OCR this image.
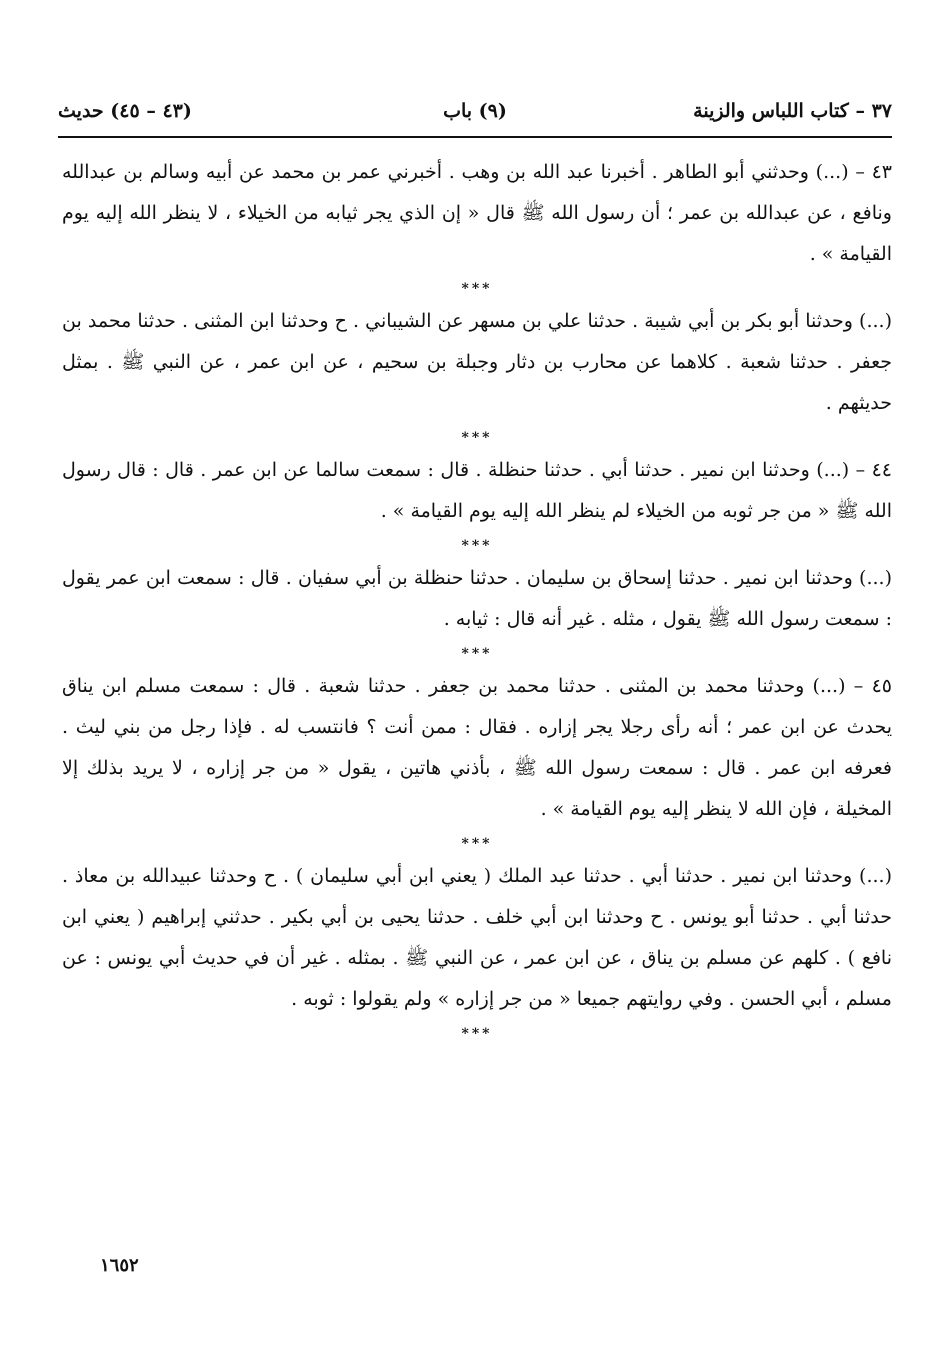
٣٧ – كتاب اللباس والزينة
(٩) باب
(٤٣ – ٤٥) حديث

٤٣ – (...) وحدثني أبو الطاهر . أخبرنا عبد الله بن وهب . أخبرني عمر بن محمد عن أبيه وسالم بن عبدالله ونافع ، عن عبدالله بن عمر ؛ أن رسول الله ﷺ قال « إن الذي يجر ثيابه من الخيلاء ، لا ينظر الله إليه يوم القيامة » .

***

(...) وحدثنا أبو بكر بن أبي شيبة . حدثنا علي بن مسهر عن الشيباني . ح وحدثنا ابن المثنى . حدثنا محمد بن جعفر . حدثنا شعبة . كلاهما عن محارب بن دثار وجبلة بن سحيم ، عن ابن عمر ، عن النبي ﷺ . بمثل حديثهم .

***

٤٤ – (...) وحدثنا ابن نمير . حدثنا أبي . حدثنا حنظلة . قال : سمعت سالما عن ابن عمر . قال : قال رسول الله ﷺ « من جر ثوبه من الخيلاء لم ينظر الله إليه يوم القيامة » .

***

(...) وحدثنا ابن نمير . حدثنا إسحاق بن سليمان . حدثنا حنظلة بن أبي سفيان . قال : سمعت ابن عمر يقول : سمعت رسول الله ﷺ يقول ، مثله . غير أنه قال : ثيابه .

***

٤٥ – (...) وحدثنا محمد بن المثنى . حدثنا محمد بن جعفر . حدثنا شعبة . قال : سمعت مسلم ابن يناق يحدث عن ابن عمر ؛ أنه رأى رجلا يجر إزاره . فقال : ممن أنت ؟ فانتسب له . فإذا رجل من بني ليث . فعرفه ابن عمر . قال : سمعت رسول الله ﷺ ، بأذني هاتين ، يقول « من جر إزاره ، لا يريد بذلك إلا المخيلة ، فإن الله لا ينظر إليه يوم القيامة » .

***

(...) وحدثنا ابن نمير . حدثنا أبي . حدثنا عبد الملك ( يعني ابن أبي سليمان ) . ح وحدثنا عبيدالله بن معاذ . حدثنا أبي . حدثنا أبو يونس . ح وحدثنا ابن أبي خلف . حدثنا يحيى بن أبي بكير . حدثني إبراهيم ( يعني ابن نافع ) . كلهم عن مسلم بن يناق ، عن ابن عمر ، عن النبي ﷺ . بمثله . غير أن في حديث أبي يونس : عن مسلم ، أبي الحسن . وفي روايتهم جميعا « من جر إزاره » ولم يقولوا : ثوبه .

***
١٦٥٢
